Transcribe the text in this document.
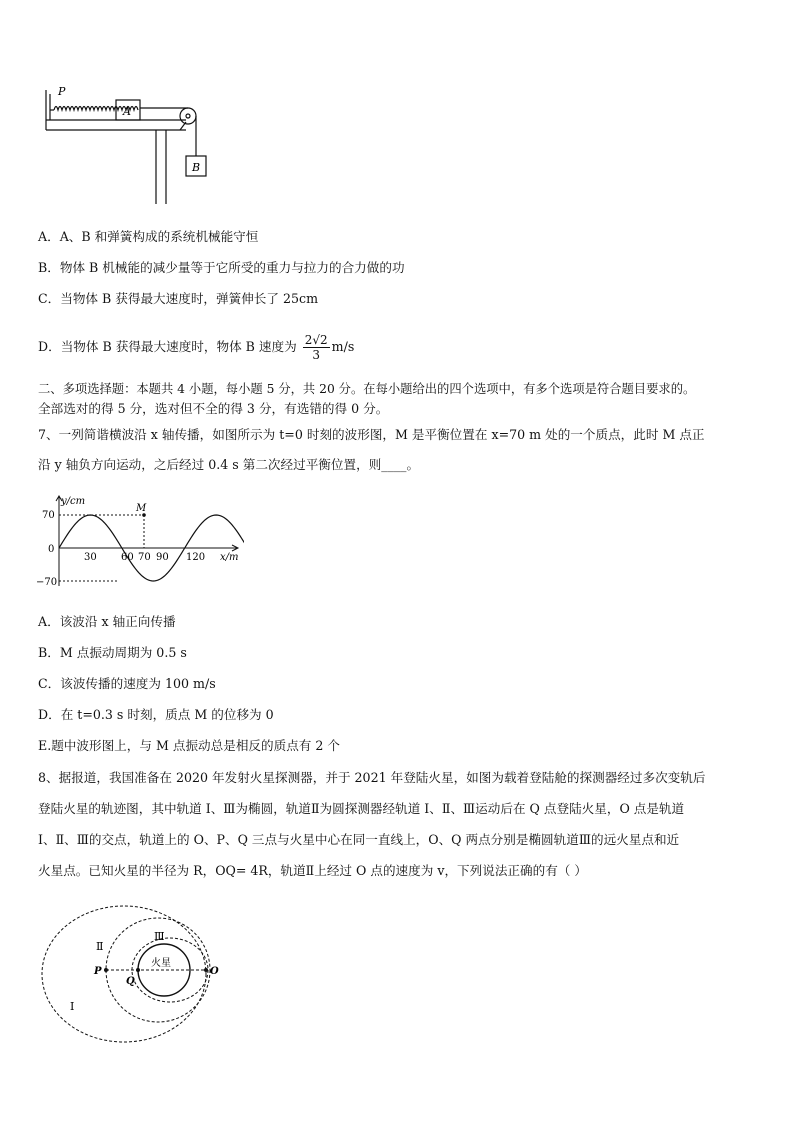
P
A
B
A．A、B 和弹簧构成的系统机械能守恒
B．物体 B 机械能的减少量等于它所受的重力与拉力的合力做的功
C．当物体 B 获得最大速度时，弹簧伸长了 25cm
D．当物体 B 获得最大速度时，物体 B 速度为 $\frac{2√2}{3} m/s$
二、多项选择题：本题共 4 小题，每小题 5 分，共 20 分。在每小题给出的四个选项中，有多个选项是符合题目要求的。
全部选对的得 5 分，选对但不全的得 3 分，有选错的得 0 分。
7、一列简谐横波沿 x 轴传播，如图所示为 t=0 时刻的波形图，M 是平衡位置在 x=70 m 处的一个质点，此时 M 点正
沿 y 轴负方向运动，之后经过 0.4 s 第二次经过平衡位置，则____。
y/cm
x/m
M
70
0
−70
30 60 70 90 120
A．该波沿 x 轴正向传播
B．M 点振动周期为 0.5 s
C．该波传播的速度为 100 m/s
D．在 t=0.3 s 时刻，质点 M 的位移为 0
E.题中波形图上，与 M 点振动总是相反的质点有 2 个
8、据报道，我国准备在 2020 年发射火星探测器，并于 2021 年登陆火星，如图为载着登陆舱的探测器经过多次变轨后
登陆火星的轨迹图，其中轨道 I、Ⅲ为椭圆，轨道Ⅱ为圆探测器经轨道 I、Ⅱ、Ⅲ运动后在 Q 点登陆火星，O 点是轨道
I、Ⅱ、Ⅲ的交点，轨道上的 O、P、Q 三点与火星中心在同一直线上，O、Q 两点分别是椭圆轨道Ⅲ的远火星点和近
火星点。已知火星的半径为 R，OQ= 4R，轨道Ⅱ上经过 O 点的速度为 v，下列说法正确的有（ ）
Ⅱ
Ⅲ
I
P
Q
O
火星
